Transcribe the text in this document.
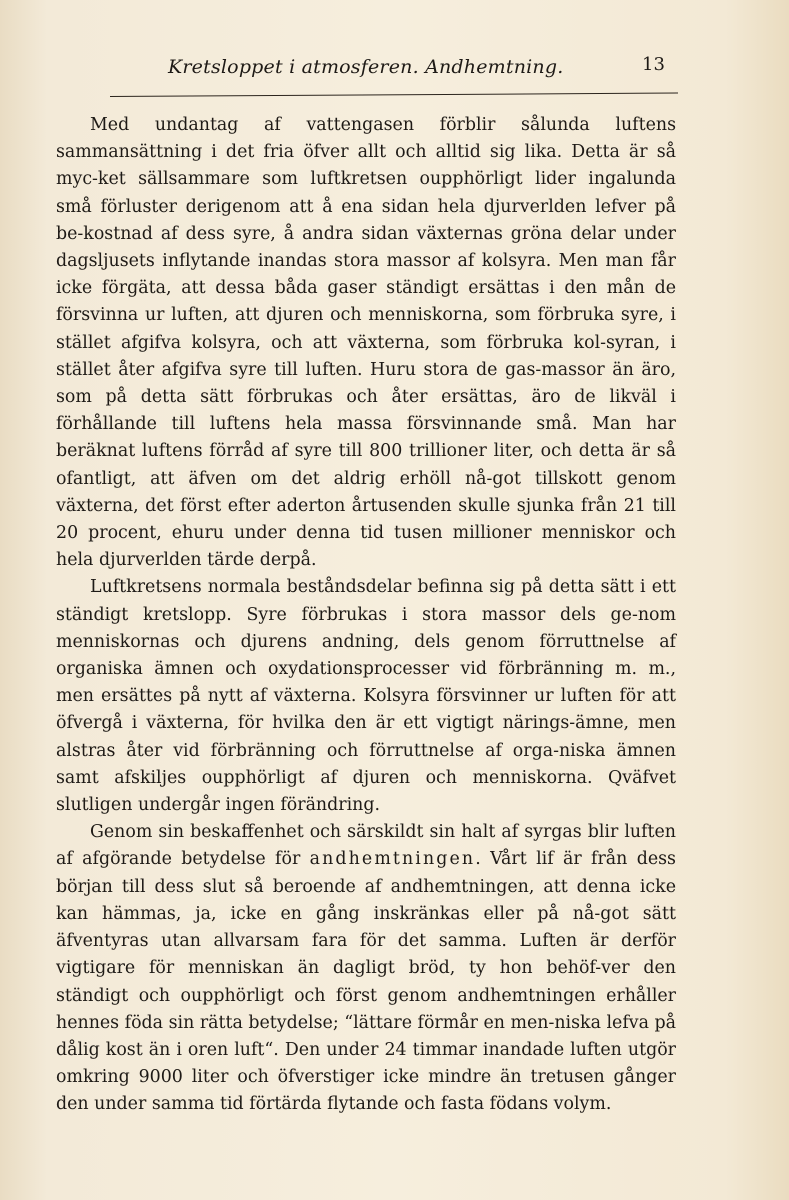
Kretsloppet i atmosferen. Andhemtning.	13

Med undantag af vattengasen förblir sålunda luftens sammansättning i det fria öfver allt och alltid sig lika. Detta är så myc-ket sällsammare som luftkretsen oupphörligt lider ingalunda små förluster derigenom att å ena sidan hela djurverlden lefver på be-kostnad af dess syre, å andra sidan växternas gröna delar under dagsljusets inflytande inandas stora massor af kolsyra. Men man får icke förgäta, att dessa båda gaser ständigt ersättas i den mån de försvinna ur luften, att djuren och menniskorna, som förbruka syre, i stället afgifva kolsyra, och att växterna, som förbruka kol-syran, i stället åter afgifva syre till luften. Huru stora de gas-massor än äro, som på detta sätt förbrukas och åter ersättas, äro de likväl i förhållande till luftens hela massa försvinnande små. Man har beräknat luftens förråd af syre till 800 trillioner liter, och detta är så ofantligt, att äfven om det aldrig erhöll nå-got tillskott genom växterna, det först efter aderton årtusenden skulle sjunka från 21 till 20 procent, ehuru under denna tid tusen millioner menniskor och hela djurverlden tärde derpå.

Luftkretsens normala beståndsdelar befinna sig på detta sätt i ett ständigt kretslopp. Syre förbrukas i stora massor dels ge-nom menniskornas och djurens andning, dels genom förruttnelse af organiska ämnen och oxydationsprocesser vid förbränning m. m., men ersättes på nytt af växterna. Kolsyra försvinner ur luften för att öfvergå i växterna, för hvilka den är ett vigtigt närings-ämne, men alstras åter vid förbränning och förruttnelse af orga-niska ämnen samt afskiljes oupphörligt af djuren och menniskorna. Qväfvet slutligen undergår ingen förändring.

Genom sin beskaffenhet och särskildt sin halt af syrgas blir luften af afgörande betydelse för andhemtningen. Vårt lif är från dess början till dess slut så beroende af andhemtningen, att denna icke kan hämmas, ja, icke en gång inskränkas eller på nå-got sätt äfventyras utan allvarsam fara för det samma. Luften är derför vigtigare för menniskan än dagligt bröd, ty hon behöf-ver den ständigt och oupphörligt och först genom andhemtningen erhåller hennes föda sin rätta betydelse; “lättare förmår en men-niska lefva på dålig kost än i oren luft“. Den under 24 timmar inandade luften utgör omkring 9000 liter och öfverstiger icke mindre än tretusen gånger den under samma tid förtärda flytande och fasta födans volym.
